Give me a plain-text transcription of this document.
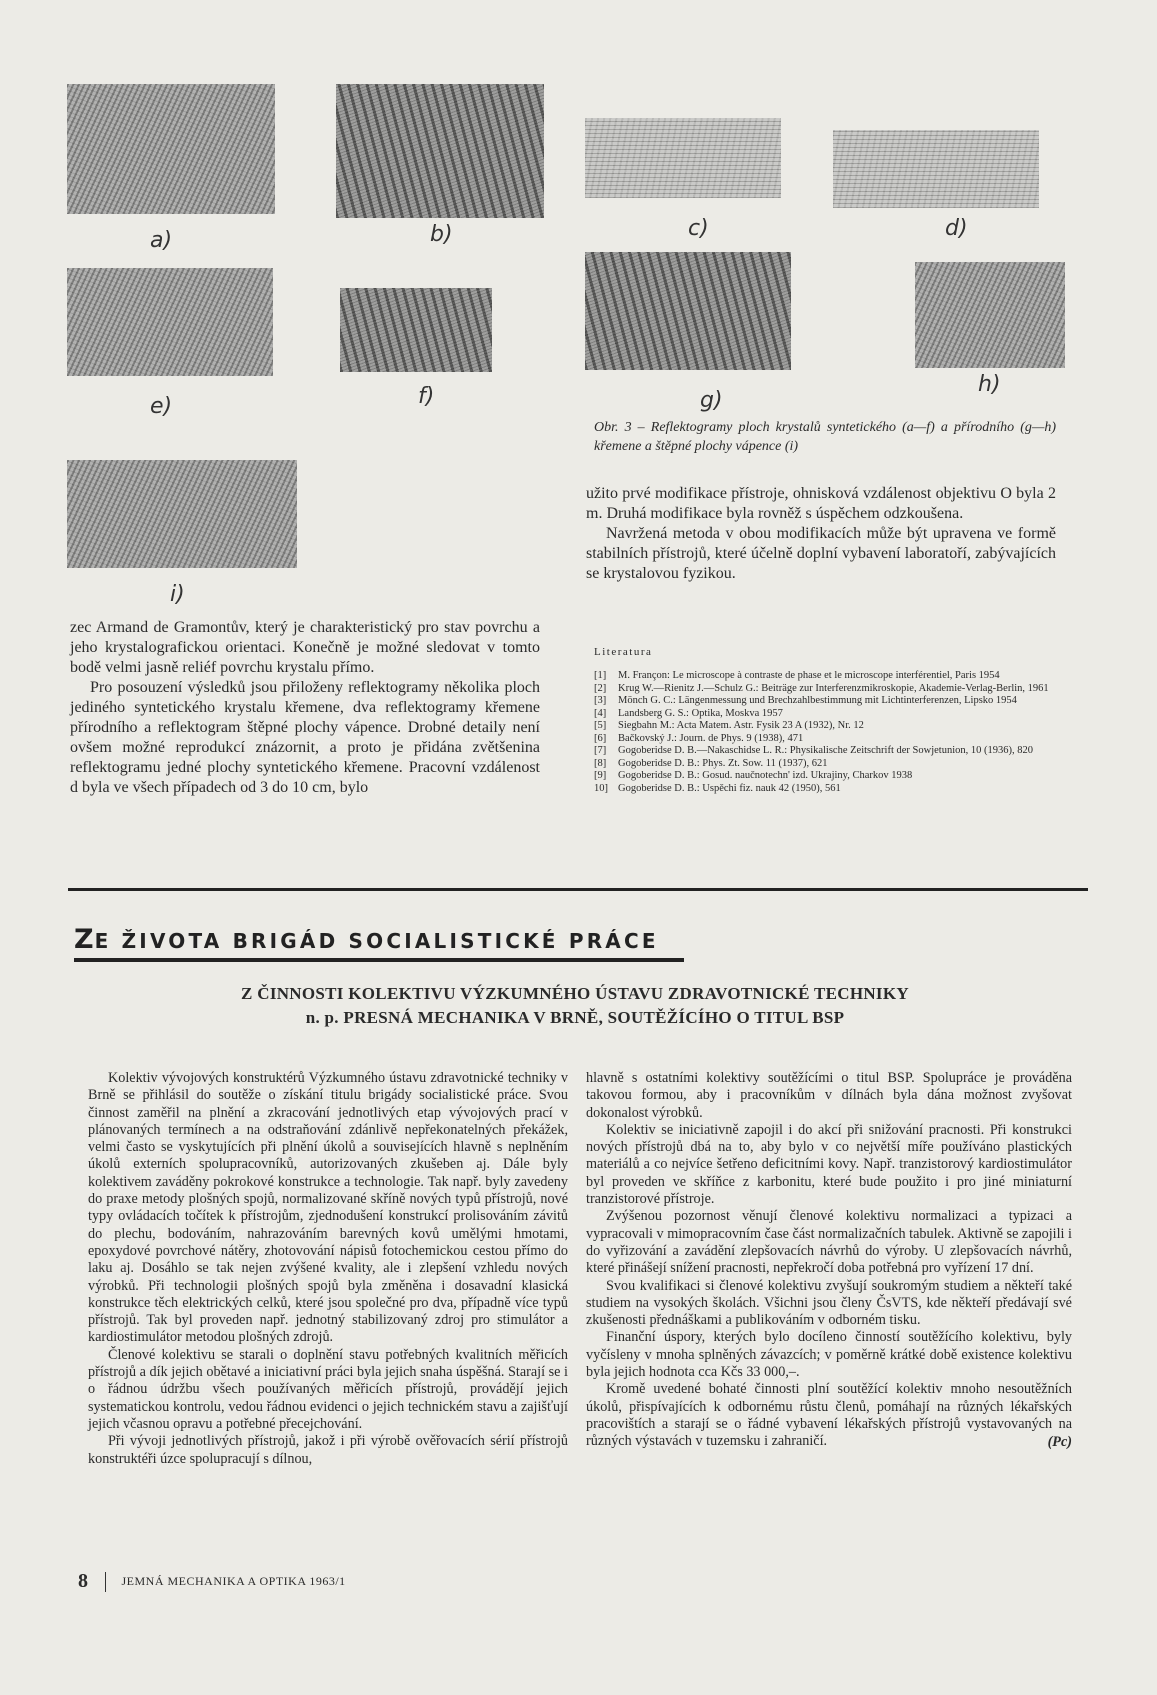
a)	b)	c)	d)
e)	f)	g)
h)
i)
Obr. 3 – Reflektogramy ploch krystalů syntetického (a—f) a přírodního (g—h) křemene a štěpné plochy vápence (i)

zec Armand de Gramontův, který je charakteristický pro stav povrchu a jeho krystalografickou orientaci. Konečně je možné sledovat v tomto bodě velmi jasně reliéf povrchu krystalu přímo.

Pro posouzení výsledků jsou přiloženy reflektogramy několika ploch jediného syntetického krystalu křemene, dva reflektogramy křemene přírodního a reflektogram štěpné plochy vápence. Drobné detaily není ovšem možné reprodukcí znázornit, a proto je přidána zvětšenina reflektogramu jedné plochy syntetického křemene. Pracovní vzdálenost d byla ve všech případech od 3 do 10 cm, bylo

užito prvé modifikace přístroje, ohnisková vzdálenost objektivu O byla 2 m. Druhá modifikace byla rovněž s úspěchem odzkoušena.

Navržená metoda v obou modifikacích může být upravena ve formě stabilních přístrojů, které účelně doplní vybavení laboratoří, zabývajících se krystalovou fyzikou.

Literatura
[1]	M. Françon: Le microscope à contraste de phase et le microscope interférentiel, Paris 1954
[2]	Krug W.—Rienitz J.—Schulz G.: Beiträge zur Interferenzmikroskopie, Akademie-Verlag-Berlin, 1961
[3]	Mönch G. C.: Längenmessung und Brechzahlbestimmung mit Lichtinterferenzen, Lipsko 1954
[4]	Landsberg G. S.: Optika, Moskva 1957
[5]	Siegbahn M.: Acta Matem. Astr. Fysik 23 A (1932), Nr. 12
[6]	Bačkovský J.: Journ. de Phys. 9 (1938), 471
[7]	Gogoberidse D. B.—Nakaschidse L. R.: Physikalische Zeitschrift der Sowjetunion, 10 (1936), 820
[8]	Gogoberidse D. B.: Phys. Zt. Sow. 11 (1937), 621
[9]	Gogoberidse D. B.: Gosud. naučnotechn' izd. Ukrajiny, Charkov 1938
10] Gogoberidse D. B.: Uspěchi fiz. nauk 42 (1950), 561
ZE ŽIVOTA BRIGÁD SOCIALISTICKÉ PRÁCE
Z ČINNOSTI KOLEKTIVU VÝZKUMNÉHO ÚSTAVU ZDRAVOTNICKÉ TECHNIKY
n. p. PRESNÁ MECHANIKA V BRNĚ, SOUTĚŽÍCÍHO O TITUL BSP

Kolektiv vývojových konstruktérů Výzkumného ústavu zdravotnické techniky v Brně se přihlásil do soutěže o získání titulu brigády socialistické práce. Svou činnost zaměřil na plnění a zkracování jednotlivých etap vývojových prací v plánovaných termínech a na odstraňování zdánlivě nepřekonatelných překážek, velmi často se vyskytujících při plnění úkolů a souvisejících hlavně s neplněním úkolů externích spolupracovníků, autorizovaných zkušeben aj. Dále byly kolektivem zaváděny pokrokové konstrukce a technologie. Tak např. byly zavedeny do praxe metody plošných spojů, normalizované skříně nových typů přístrojů, nové typy ovládacích točítek k přístrojům, zjednodušení konstrukcí prolisováním závitů do plechu, bodováním, nahrazováním barevných kovů umělými hmotami, epoxydové povrchové nátěry, zhotovování nápisů fotochemickou cestou přímo do laku aj. Dosáhlo se tak nejen zvýšené kvality, ale i zlepšení vzhledu nových výrobků. Při technologii plošných spojů byla změněna i dosavadní klasická konstrukce těch elektrických celků, které jsou společné pro dva, případně více typů přístrojů. Tak byl proveden např. jednotný stabilizovaný zdroj pro stimulátor a kardiostimulátor metodou plošných zdrojů.

Členové kolektivu se starali o doplnění stavu potřebných kvalitních měřicích přístrojů a dík jejich obětavé a iniciativní práci byla jejich snaha úspěšná. Starají se i o řádnou údržbu všech používaných měřicích přístrojů, provádějí jejich systematickou kontrolu, vedou řádnou evidenci o jejich technickém stavu a zajišťují jejich včasnou opravu a potřebné přecejchování.

Při vývoji jednotlivých přístrojů, jakož i při výrobě ověřovacích sérií přístrojů konstruktéři úzce spolupracují s dílnou,

hlavně s ostatními kolektivy soutěžícími o titul BSP. Spolupráce je prováděna takovou formou, aby i pracovníkům v dílnách byla dána možnost zvyšovat dokonalost výrobků.

Kolektiv se iniciativně zapojil i do akcí při snižování pracnosti. Při konstrukci nových přístrojů dbá na to, aby bylo v co největší míře používáno plastických materiálů a co nejvíce šetřeno deficitními kovy. Např. tranzistorový kardiostimulátor byl proveden ve skříňce z karbonitu, které bude použito i pro jiné miniaturní tranzistorové přístroje.

Zvýšenou pozornost věnují členové kolektivu normalizaci a typizaci a vypracovali v mimopracovním čase část normalizačních tabulek. Aktivně se zapojili i do vyřizování a zavádění zlepšovacích návrhů do výroby. U zlepšovacích návrhů, které přinášejí snížení pracnosti, nepřekročí doba potřebná pro vyřízení 17 dní.

Svou kvalifikaci si členové kolektivu zvyšují soukromým studiem a někteří také studiem na vysokých školách. Všichni jsou členy ČsVTS, kde někteří předávají své zkušenosti přednáškami a publikováním v odborném tisku.

Finanční úspory, kterých bylo docíleno činností soutěžícího kolektivu, byly vyčísleny v mnoha splněných závazcích; v poměrně krátké době existence kolektivu byla jejich hodnota cca Kčs 33 000,–.

Kromě uvedené bohaté činnosti plní soutěžící kolektiv mnoho nesoutěžních úkolů, přispívajících k odbornému růstu členů, pomáhají na různých lékařských pracovištích a starají se o řádné vybavení lékařských přístrojů vystavovaných na různých výstavách v tuzemsku i zahraničí.	(Pc)
8	JEMNÁ MECHANIKA A OPTIKA 1963/1
